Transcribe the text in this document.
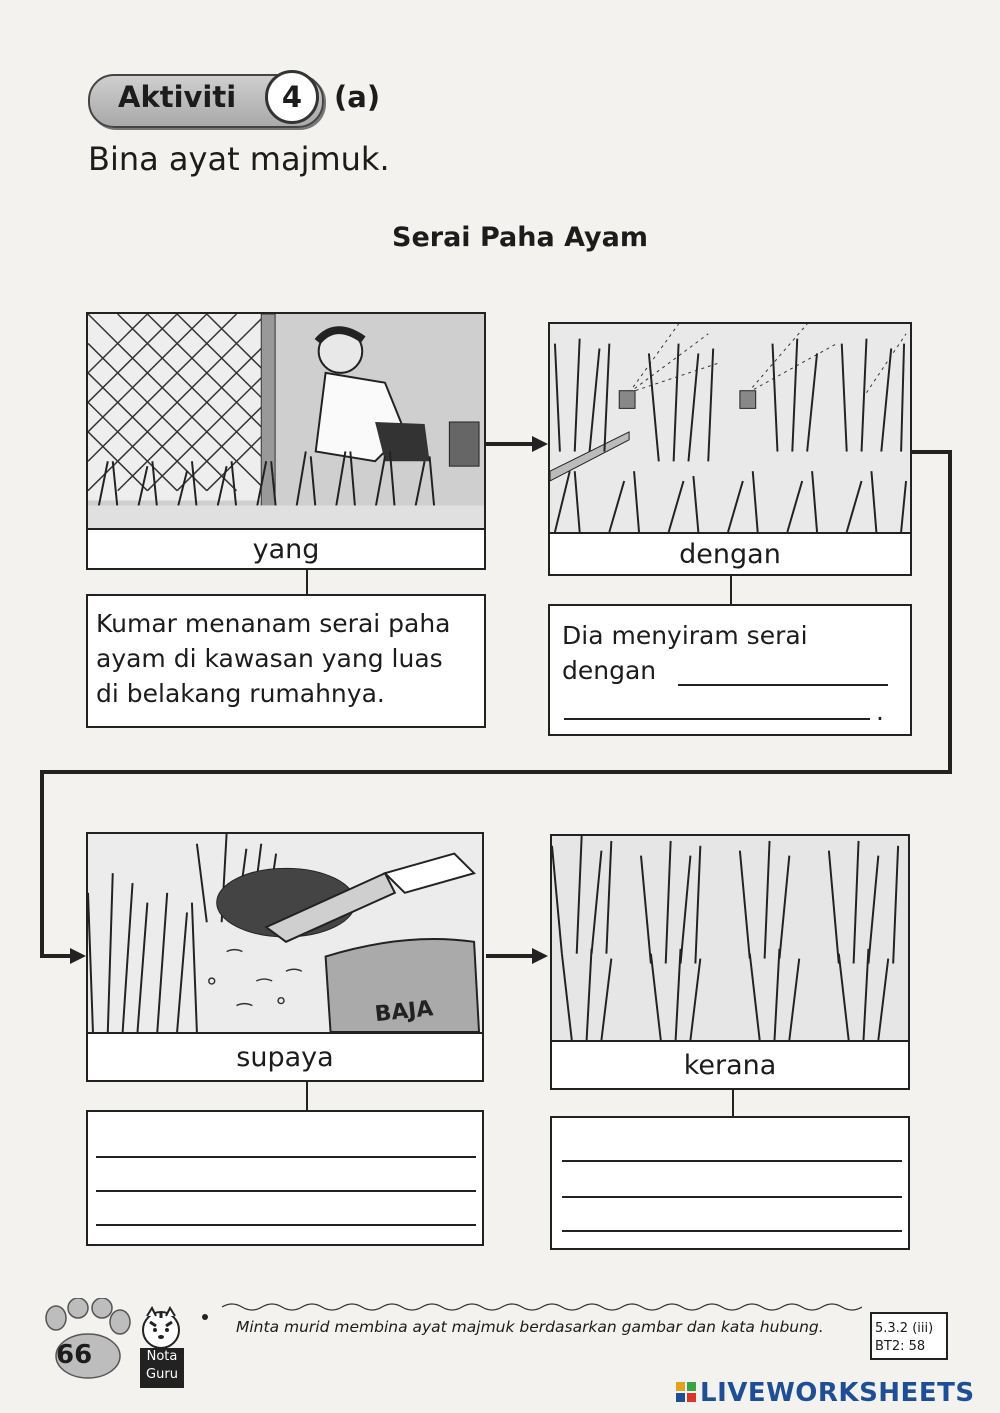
Aktiviti	4	(a)
Bina ayat majmuk.
Serai Paha Ayam
yang
Kumar menanam serai paha
ayam di kawasan yang luas
di belakang rumahnya.
dengan
Dia menyiram serai
dengan
.
BAJA
supaya	kerana
66	Nota
Guru
Minta murid membina ayat majmuk berdasarkan gambar dan kata hubung.	5.3.2 (iii)
BT2: 58
LIVEWORKSHEETS
